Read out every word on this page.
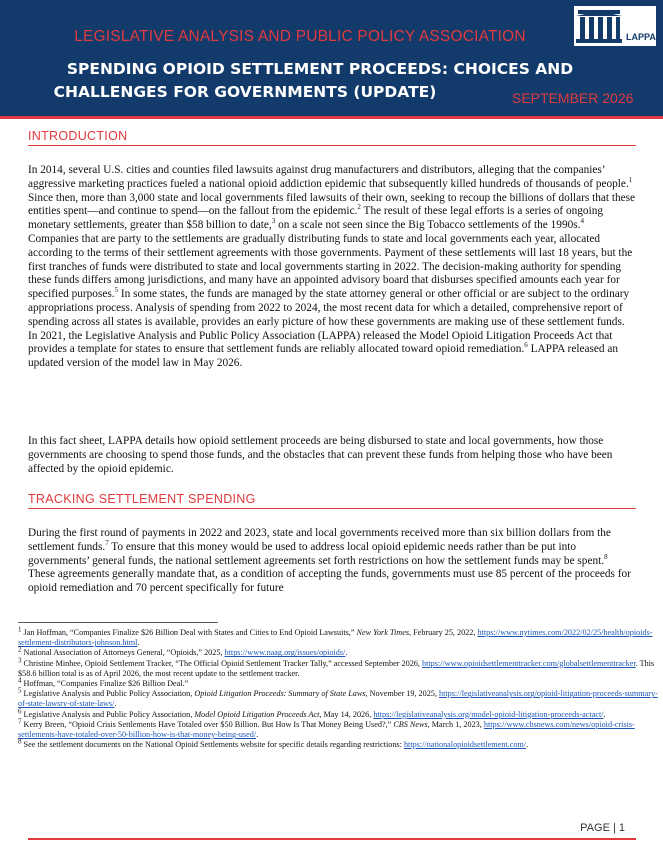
LEGISLATIVE ANALYSIS AND PUBLIC POLICY ASSOCIATION	LAPPA
SPENDING OPIOID SETTLEMENT PROCEEDS: CHOICES AND
CHALLENGES FOR GOVERNMENTS (UPDATE)	SEPTEMBER 2026
INTRODUCTION
In 2014, several U.S. cities and counties filed lawsuits against drug manufacturers and distributors, alleging that the companies’ aggressive marketing practices fueled a national opioid addiction epidemic that subsequently killed hundreds of thousands of people.$^1$ Since then, more than 3,000 state and local governments filed lawsuits of their own, seeking to recoup the billions of dollars that these entities spent—and continue to spend—on the fallout from the epidemic.$^2$ The result of these legal efforts is a series of ongoing monetary settlements, greater than $58 billion to date,$^3$ on a scale not seen since the Big Tobacco settlements of the 1990s.$^4$ Companies that are party to the settlements are gradually distributing funds to state and local governments each year, allocated according to the terms of their settlement agreements with those governments. Payment of these settlements will last 18 years, but the first tranches of funds were distributed to state and local governments starting in 2022. The decision-making authority for spending these funds differs among jurisdictions, and many have an appointed advisory board that disburses specified amounts each year for specified purposes.$^5$ In some states, the funds are managed by the state attorney general or other official or are subject to the ordinary appropriations process. Analysis of spending from 2022 to 2024, the most recent data for which a detailed, comprehensive report of spending across all states is available, provides an early picture of how these governments are making use of these settlement funds. In 2021, the Legislative Analysis and Public Policy Association (LAPPA) released the Model Opioid Litigation Proceeds Act that provides a template for states to ensure that settlement funds are reliably allocated toward opioid remediation.$^6$ LAPPA released an updated version of the model law in May 2026.
In this fact sheet, LAPPA details how opioid settlement proceeds are being disbursed to state and local governments, how those governments are choosing to spend those funds, and the obstacles that can prevent these funds from helping those who have been affected by the opioid epidemic.
TRACKING SETTLEMENT SPENDING
During the first round of payments in 2022 and 2023, state and local governments received more than six billion dollars from the settlement funds.$^7$ To ensure that this money would be used to address local opioid epidemic needs rather than be put into governments’ general funds, the national settlement agreements set forth restrictions on how the settlement funds may be spent.$^8$ These agreements generally mandate that, as a condition of accepting the funds, governments must use 85 percent of the proceeds for opioid remediation and 70 percent specifically for future
$^1$ Jan Hoffman, “Companies Finalize $26 Billion Deal with States and Cities to End Opioid Lawsuits,” New York Times, February 25, 2022, https://www.nytimes.com/2022/02/25/health/opioids-settlement-distributors-johnson.html.
$^2$ National Association of Attorneys General, “Opioids,” 2025, https://www.naag.org/issues/opioids/.
$^3$ Christine Minhee, Opioid Settlement Tracker, “The Official Opioid Settlement Tracker Tally,” accessed September 2026, https://www.opioidsettlementtracker.com/globalsettlementtracker. This $58.6 billion total is as of April 2026, the most recent update to the settlement tracker.
$^4$ Hoffman, “Companies Finalize $26 Billion Deal.”
$^5$ Legislative Analysis and Public Policy Association, Opioid Litigation Proceeds: Summary of State Laws, November 19, 2025, https://legislativeanalysis.org/opioid-litigation-proceeds-summary-of-state-lawsry-of-state-laws/.
$^6$ Legislative Analysis and Public Policy Association, Model Opioid Litigation Proceeds Act, May 14, 2026, https://legislativeanalysis.org/model-opioid-litigation-proceeds-actact/.
$^7$ Kerry Breen, “Opioid Crisis Settlements Have Totaled over $50 Billion. But How Is That Money Being Used?,” CBS News, March 1, 2023, https://www.cbsnews.com/news/opioid-crisis-settlements-have-totaled-over-50-billion-how-is-that-money-being-used/.
$^8$ See the settlement documents on the National Opioid Settlements website for specific details regarding restrictions: https://nationalopioidsettlement.com/.
PAGE | 1
